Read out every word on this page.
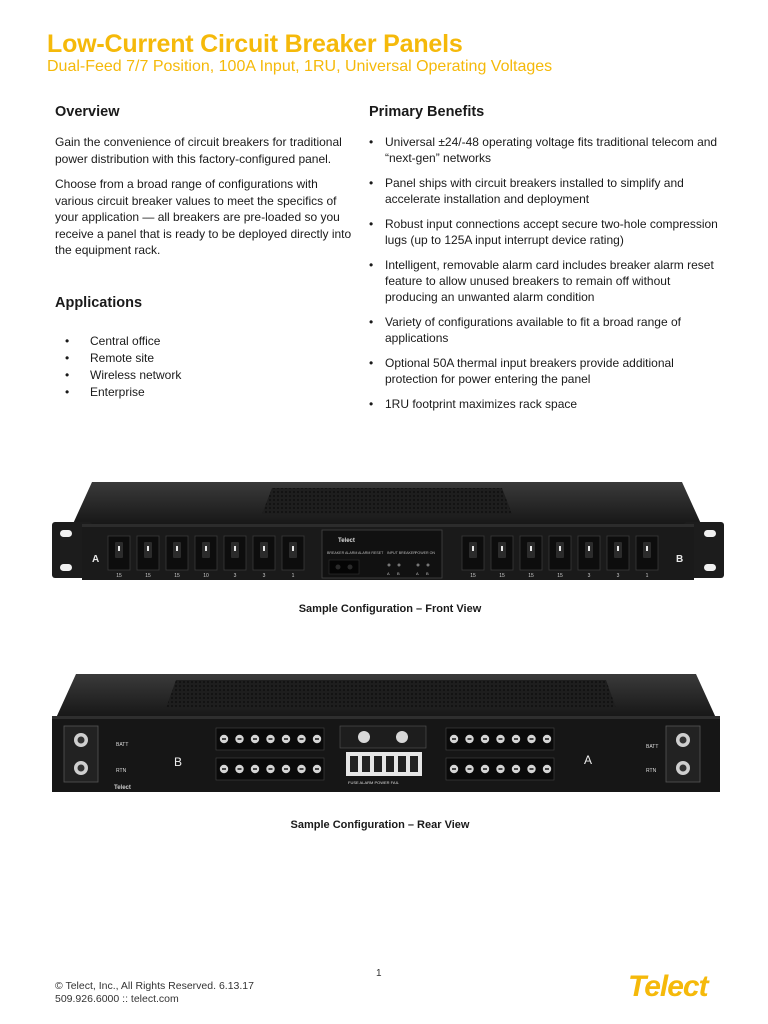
Low-Current Circuit Breaker Panels
Dual-Feed 7/7 Position, 100A Input, 1RU, Universal Operating Voltages
Overview

Gain the convenience of circuit breakers for traditional power distribution with this factory-configured panel.

Choose from a broad range of configurations with various circuit breaker values to meet the specifics of your application — all breakers are pre-loaded so you receive a panel that is ready to be deployed directly into the equipment rack.

Applications
• Central office
• Remote site
• Wireless network
• Enterprise
Primary Benefits
• Universal ±24/-48 operating voltage fits traditional telecom and “next-gen” networks
• Panel ships with circuit breakers installed to simplify and accelerate installation and deployment
• Robust input connections accept secure two-hole compression lugs (up to 125A input interrupt device rating)
• Intelligent, removable alarm card includes breaker alarm reset feature to allow unused breakers to remain off without producing an unwanted alarm condition
• Variety of configurations available to fit a broad range of applications
• Optional 50A thermal input breakers provide additional protection for power entering the panel
• 1RU footprint maximizes rack space
A	B
15	15	15	10	3	3	1	15	15	15	15	3	3	1
Telect
BREAKER ALARM ALARM RESET INPUT BREAKER POWER ON
A B	A B
Sample Configuration – Front View
BATT
RTN
BATT
RTN
B	A
Telect
FUSE ALARM POWER FAIL
Sample Configuration – Rear View
1
© Telect, Inc., All Rights Reserved. 6.13.17
509.926.6000 :: telect.com	Telect
